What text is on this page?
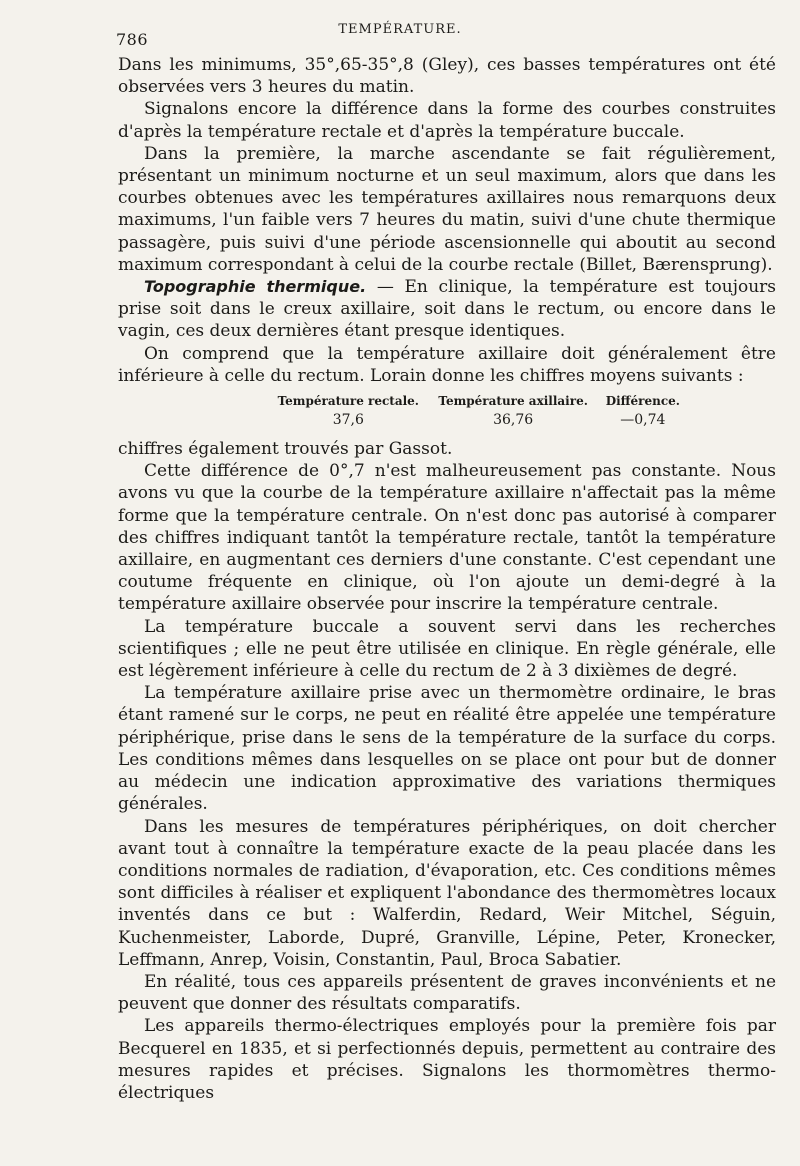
786
TEMPÉRATURE.

Dans les minimums, 35°,65-35°,8 (Gley), ces basses températures ont été observées vers 3 heures du matin.

Signalons encore la différence dans la forme des courbes construites d'après la température rectale et d'après la température buccale.

Dans la première, la marche ascendante se fait régulièrement, présentant un minimum nocturne et un seul maximum, alors que dans les courbes obtenues avec les températures axillaires nous remarquons deux maximums, l'un faible vers 7 heures du matin, suivi d'une chute thermique passagère, puis suivi d'une période ascensionnelle qui aboutit au second maximum correspondant à celui de la courbe rectale (Billet, Bærensprung).

Topographie thermique. — En clinique, la température est toujours prise soit dans le creux axillaire, soit dans le rectum, ou encore dans le vagin, ces deux dernières étant presque identiques.

On comprend que la température axillaire doit généralement être inférieure à celle du rectum. Lorain donne les chiffres moyens suivants :

Température rectale.	Température axillaire.	Différence.
37,6	36,76	—0,74

chiffres également trouvés par Gassot.

Cette différence de 0°,7 n'est malheureusement pas constante. Nous avons vu que la courbe de la température axillaire n'affectait pas la même forme que la température centrale. On n'est donc pas autorisé à comparer des chiffres indiquant tantôt la température rectale, tantôt la température axillaire, en augmentant ces derniers d'une constante. C'est cependant une coutume fréquente en clinique, où l'on ajoute un demi-degré à la température axillaire observée pour inscrire la température centrale.

La température buccale a souvent servi dans les recherches scientifiques ; elle ne peut être utilisée en clinique. En règle générale, elle est légèrement inférieure à celle du rectum de 2 à 3 dixièmes de degré.

La température axillaire prise avec un thermomètre ordinaire, le bras étant ramené sur le corps, ne peut en réalité être appelée une température périphérique, prise dans le sens de la température de la surface du corps. Les conditions mêmes dans lesquelles on se place ont pour but de donner au médecin une indication approximative des variations thermiques générales.

Dans les mesures de températures périphériques, on doit chercher avant tout à connaître la température exacte de la peau placée dans les conditions normales de radiation, d'évaporation, etc. Ces conditions mêmes sont difficiles à réaliser et expliquent l'abondance des thermomètres locaux inventés dans ce but : Walferdin, Redard, Weir Mitchel, Séguin, Kuchenmeister, Laborde, Dupré, Granville, Lépine, Peter, Kronecker, Leffmann, Anrep, Voisin, Constantin, Paul, Broca Sabatier.

En réalité, tous ces appareils présentent de graves inconvénients et ne peuvent que donner des résultats comparatifs.

Les appareils thermo-électriques employés pour la première fois par Becquerel en 1835, et si perfectionnés depuis, permettent au contraire des mesures rapides et précises. Signalons les thormomètres thermo-électriques
